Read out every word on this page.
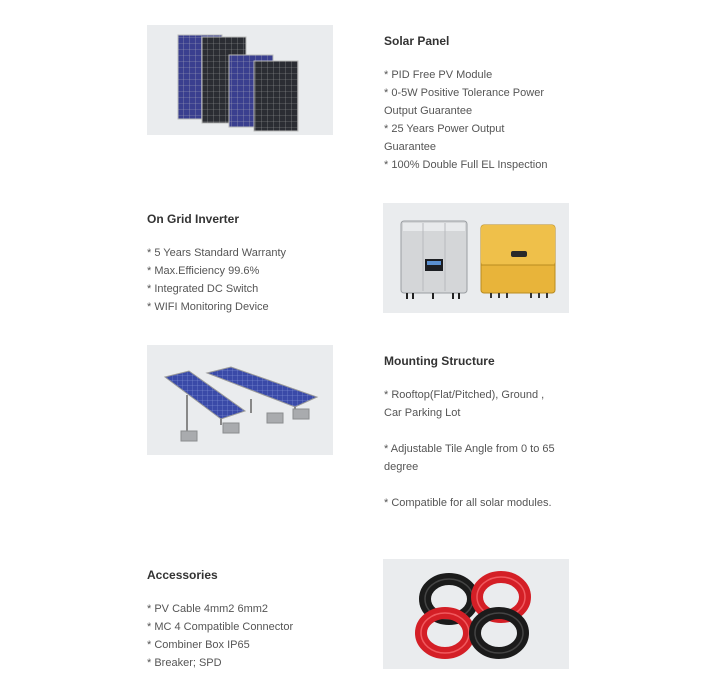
Solar Panel
* PID Free PV Module
* 0-5W Positive Tolerance Power
Output Guarantee
* 25 Years Power Output
Guarantee
* 100% Double Full EL Inspection
On Grid Inverter
* 5 Years Standard Warranty
* Max.Efficiency 99.6%
* Integrated DC Switch
* WIFI Monitoring Device
Mounting Structure
* Rooftop(Flat/Pitched), Ground ,
Car Parking Lot
* Adjustable Tile Angle from 0 to 65
degree
* Compatible for all solar modules.
Accessories
* PV Cable 4mm2 6mm2
* MC 4 Compatible Connector
* Combiner Box IP65
* Breaker; SPD
